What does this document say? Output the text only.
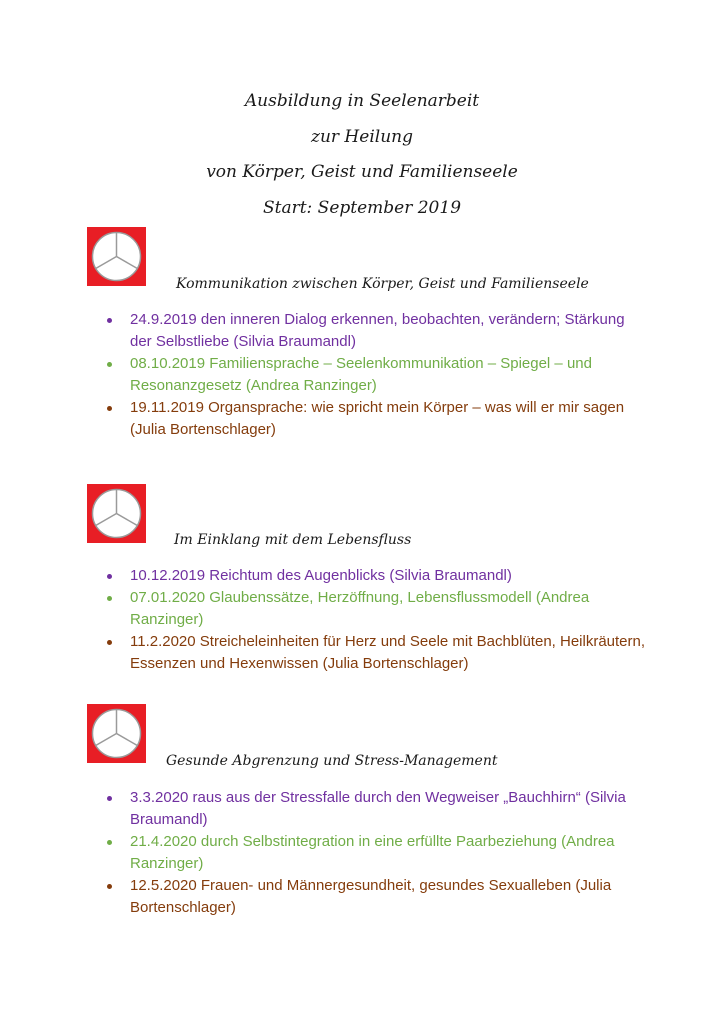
Ausbildung in Seelenarbeit
zur Heilung
von Körper, Geist und Familienseele
Start: September 2019
Kommunikation zwischen Körper, Geist und Familienseele
24.9.2019 den inneren Dialog erkennen, beobachten, verändern; Stärkung der Selbstliebe (Silvia Braumandl)
08.10.2019 Familiensprache – Seelenkommunikation – Spiegel – und Resonanzgesetz (Andrea Ranzinger)
19.11.2019 Organsprache: wie spricht mein Körper – was will er mir sagen (Julia Bortenschlager)
Im Einklang mit dem Lebensfluss
10.12.2019 Reichtum des Augenblicks (Silvia Braumandl)
07.01.2020 Glaubenssätze, Herzöffnung, Lebensflussmodell (Andrea Ranzinger)
11.2.2020 Streicheleinheiten für Herz und Seele mit Bachblüten, Heilkräutern, Essenzen und Hexenwissen (Julia Bortenschlager)
Gesunde Abgrenzung und Stress-Management
3.3.2020 raus aus der Stressfalle durch den Wegweiser „Bauchhirn“ (Silvia Braumandl)
21.4.2020 durch Selbstintegration in eine erfüllte Paarbeziehung (Andrea Ranzinger)
12.5.2020 Frauen- und Männergesundheit, gesundes Sexualleben (Julia Bortenschlager)
